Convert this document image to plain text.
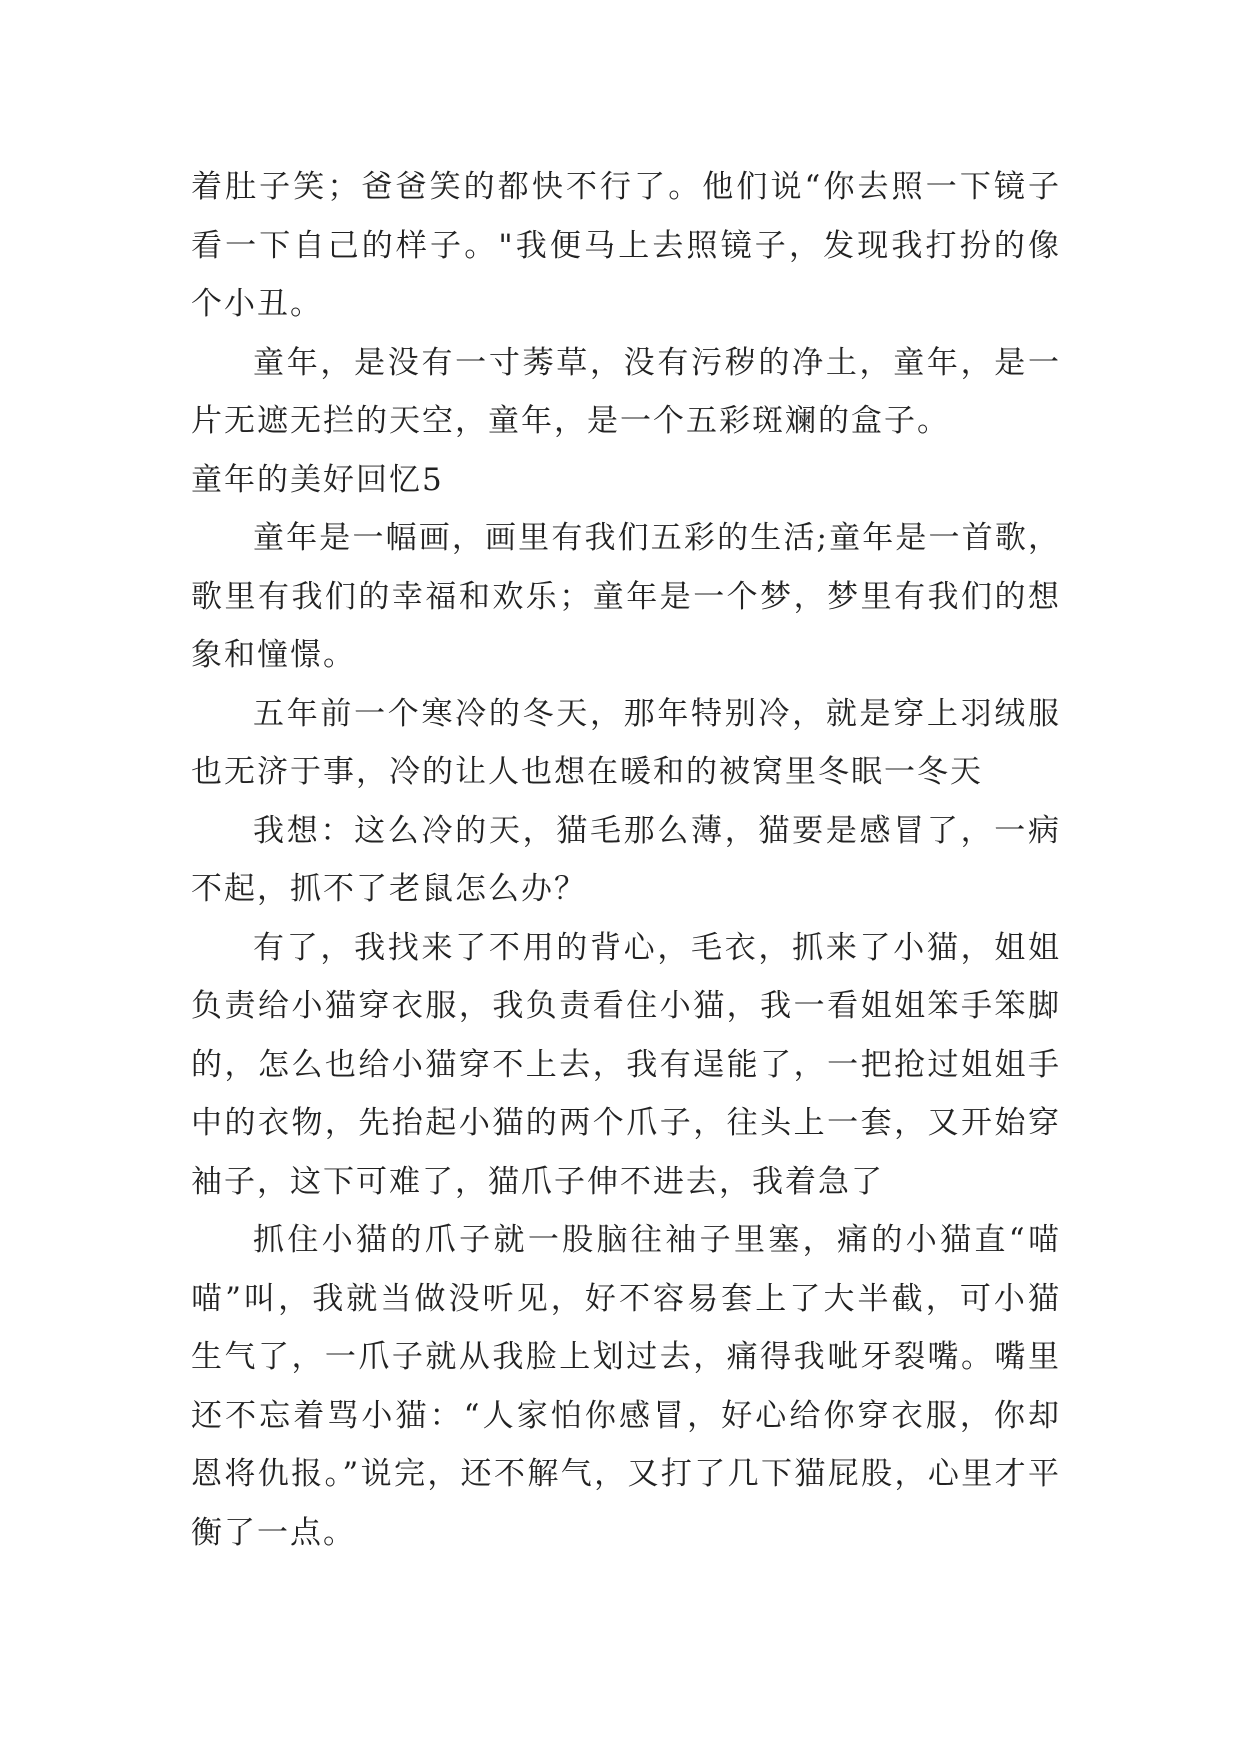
着肚子笑；爸爸笑的都快不行了。他们说“你去照一下镜子看一下自己的样子。"我便马上去照镜子，发现我打扮的像个小丑。

童年，是没有一寸莠草，没有污秽的净土，童年，是一片无遮无拦的天空，童年，是一个五彩斑斓的盒子。

童年的美好回忆5

童年是一幅画，画里有我们五彩的生活;童年是一首歌，歌里有我们的幸福和欢乐；童年是一个梦，梦里有我们的想象和憧憬。

五年前一个寒冷的冬天，那年特别冷，就是穿上羽绒服也无济于事，冷的让人也想在暖和的被窝里冬眠一冬天

我想：这么冷的天，猫毛那么薄，猫要是感冒了，一病不起，抓不了老鼠怎么办？

有了，我找来了不用的背心，毛衣，抓来了小猫，姐姐负责给小猫穿衣服，我负责看住小猫，我一看姐姐笨手笨脚的，怎么也给小猫穿不上去，我有逞能了，一把抢过姐姐手中的衣物，先抬起小猫的两个爪子，往头上一套，又开始穿袖子，这下可难了，猫爪子伸不进去，我着急了

抓住小猫的爪子就一股脑往袖子里塞，痛的小猫直“喵喵”叫，我就当做没听见，好不容易套上了大半截，可小猫生气了，一爪子就从我脸上划过去，痛得我呲牙裂嘴。嘴里还不忘着骂小猫：“人家怕你感冒，好心给你穿衣服，你却恩将仇报。”说完，还不解气，又打了几下猫屁股，心里才平衡了一点。
